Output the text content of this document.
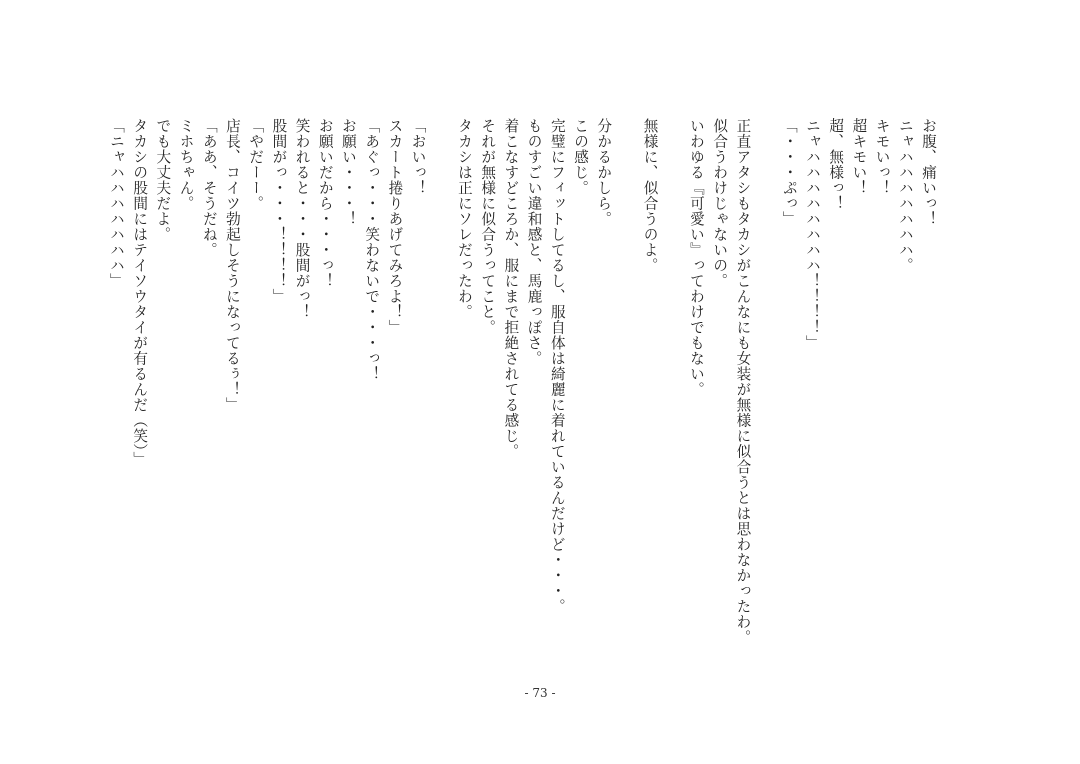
お腹、痛いっ！
ニャハハハハハハハ。
キモいっ！
超キモい！
超、無様っ！
ニャハハハハハハハハ！！！！」
「・・・ぷっ」
正直アタシもタカシがこんなにも女装が無様に似合うとは思わなかったわ。
似合うわけじゃないの。
いわゆる『可愛い』ってわけでもない。
無様に、似合うのよ。
分かるかしら。
この感じ。
完璧にフィットしてるし、服自体は綺麗に着れているんだけど・・・。
ものすごい違和感と、馬鹿っぽさ。
着こなすどころか、服にまで拒絶されてる感じ。
それが無様に似合うってこと。
タカシは正にソレだったわ。
「おいっ！
スカート捲りあげてみろよ！」
「あぐっ・・・笑わないで・・・っ！
お願い・・・！
お願いだから・・・っ！
笑われると・・・股間がっ！
股間がっ・・・！！！！」
「やだーー。
店長、コイツ勃起しそうになってるぅ！」
「ああ、そうだね。
ミホちゃん。
でも大丈夫だよ。
タカシの股間にはテイソウタイが有るんだ（笑）」
「ニャハハハハハハハ」
- 73 -
